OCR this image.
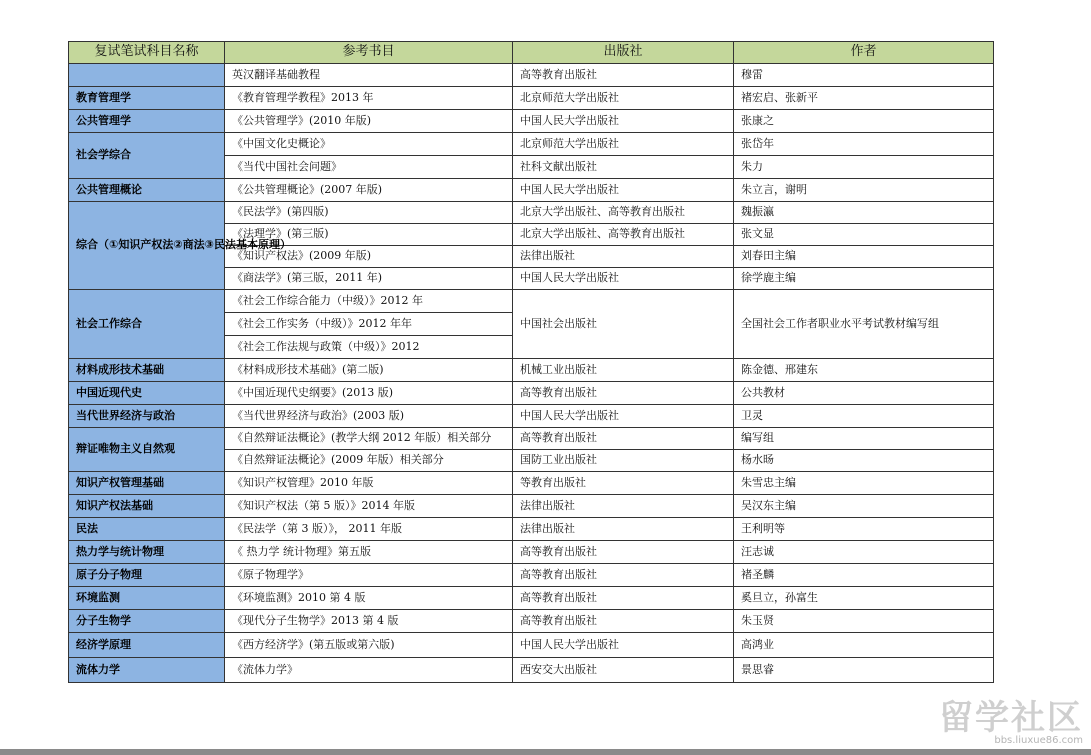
复试笔试科目名称	参考书目	出版社	作者
	英汉翻译基础教程	高等教育出版社	穆雷
教育管理学	《教育管理学教程》2013 年	北京师范大学出版社	褚宏启、张新平
公共管理学	《公共管理学》(2010 年版)	中国人民大学出版社	张康之
社会学综合	《中国文化史概论》	北京师范大学出版社	张岱年
	《当代中国社会问题》	社科文献出版社	朱力
公共管理概论	《公共管理概论》(2007 年版)	中国人民大学出版社	朱立言，谢明
综合（①知识产权法②商法③民法基本原理）	《民法学》(第四版)	北京大学出版社、高等教育出版社	魏振瀛
	《法理学》(第三版)	北京大学出版社、高等教育出版社	张文显
	《知识产权法》(2009 年版)	法律出版社	刘春田主编
	《商法学》(第三版，2011 年)	中国人民大学出版社	徐学鹿主编
社会工作综合	《社会工作综合能力（中级）》2012 年	中国社会出版社	全国社会工作者职业水平考试教材编写组
	《社会工作实务（中级）》2012 年年		
	《社会工作法规与政策（中级）》2012		
材料成形技术基础	《材料成形技术基础》(第二版)	机械工业出版社	陈金德、邢建东
中国近现代史	《中国近现代史纲要》(2013 版)	高等教育出版社	公共教材
当代世界经济与政治	《当代世界经济与政治》(2003 版)	中国人民大学出版社	卫灵
辩证唯物主义自然观	《自然辩证法概论》(教学大纲 2012 年版）相关部分	高等教育出版社	编写组
	《自然辩证法概论》(2009 年版）相关部分	国防工业出版社	杨水旸
知识产权管理基础	《知识产权管理》2010 年版	等教育出版社	朱雪忠主编
知识产权法基础	《知识产权法（第 5 版）》2014 年版	法律出版社	吴汉东主编
民法	《民法学（第 3 版）》， 2011 年版	法律出版社	王利明等
热力学与统计物理	《 热力学 统计物理》第五版	高等教育出版社	汪志诚
原子分子物理	《原子物理学》	高等教育出版社	褚圣麟
环境监测	《环境监测》2010 第 4 版	高等教育出版社	奚旦立，孙富生
分子生物学	《现代分子生物学》2013 第 4 版	高等教育出版社	朱玉贤
经济学原理	《西方经济学》(第五版或第六版)	中国人民大学出版社	高鸿业
流体力学	《流体力学》	西安交大出版社	景思睿
留学社区
bbs.liuxue86.com
